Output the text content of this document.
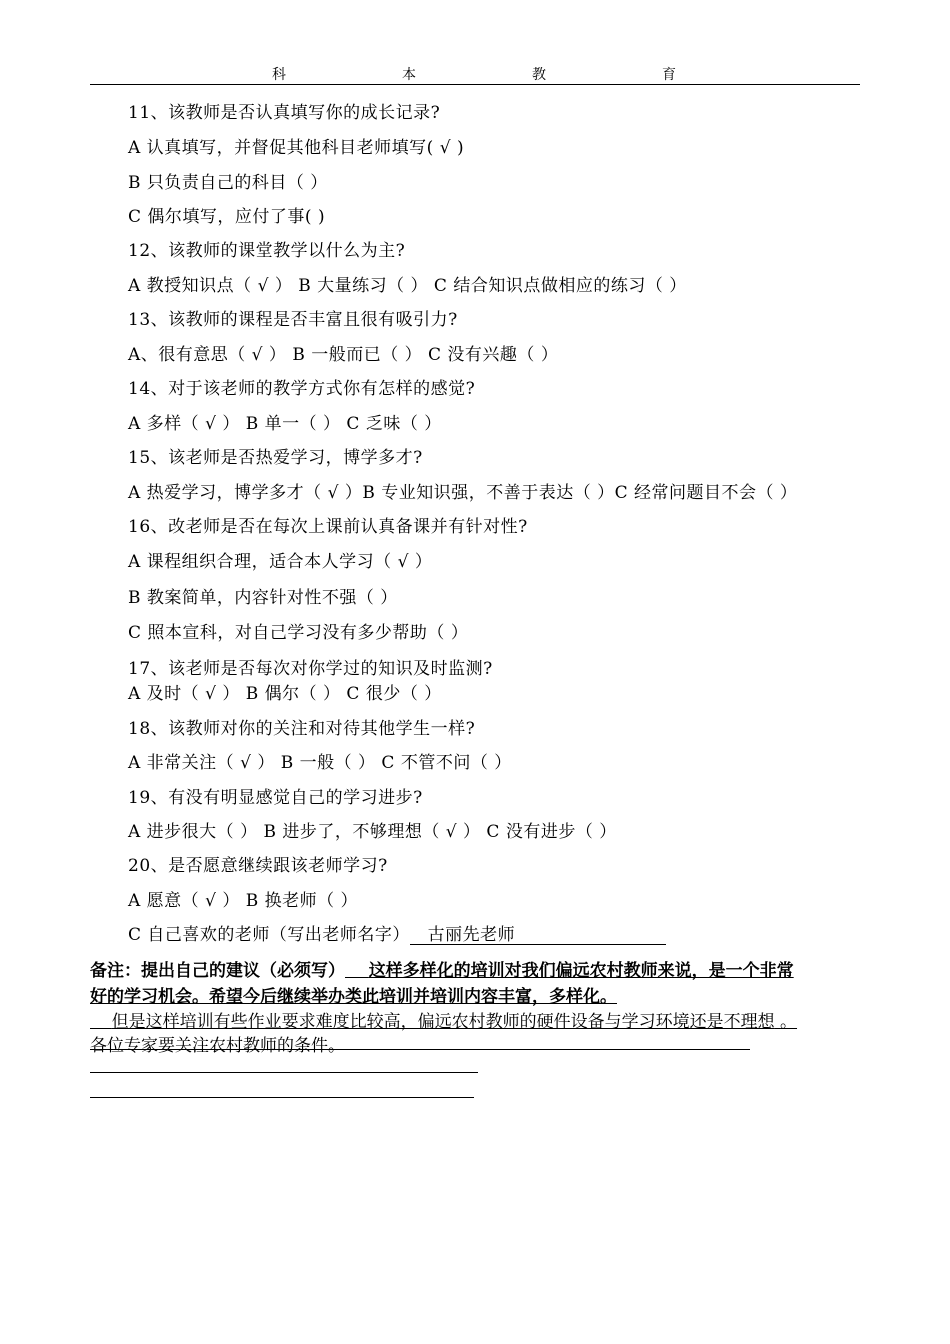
科	本	教	育
11、该教师是否认真填写你的成长记录?
A 认真填写，并督促其他科目老师填写( √ )
B 只负责自己的科目（ ）
C 偶尔填写，应付了事( )
12、该教师的课堂教学以什么为主?
A 教授知识点（ √ ） B 大量练习（ ） C 结合知识点做相应的练习（ ）
13、该教师的课程是否丰富且很有吸引力?
A、很有意思（ √ ） B 一般而已（ ） C 没有兴趣（ ）
14、对于该老师的教学方式你有怎样的感觉?
A 多样（ √ ） B 单一（ ） C 乏味（ ）
15、该老师是否热爱学习，博学多才?
A 热爱学习，博学多才（ √ ）B 专业知识强，不善于表达（ ）C 经常问题目不会（ ）
16、改老师是否在每次上课前认真备课并有针对性?
A 课程组织合理，适合本人学习（ √ ）
B 教案简单，内容针对性不强（ ）
C 照本宣科，对自己学习没有多少帮助（ ）
17、该老师是否每次对你学过的知识及时监测?
A 及时（ √ ） B 偶尔（ ） C 很少（ ）
18、该教师对你的关注和对待其他学生一样?
A 非常关注（ √ ） B 一般（ ） C 不管不问（ ）
19、有没有明显感觉自己的学习进步?
A 进步很大（ ） B 进步了，不够理想（ √ ） C 没有进步（ ）
20、是否愿意继续跟该老师学习?
A 愿意（ √ ） B 换老师（ ）
C 自己喜欢的老师（写出老师名字） 古丽先老师
备注：提出自己的建议（必须写） 这样多样化的培训对我们偏远农村教师来说，是一个非常
好的学习机会。希望今后继续举办类此培训并培训内容丰富，多样化。
但是这样培训有些作业要求难度比较高，偏远农村教师的硬件设备与学习环境还是不理想 。
各位专家要关注农村教师的条件。
